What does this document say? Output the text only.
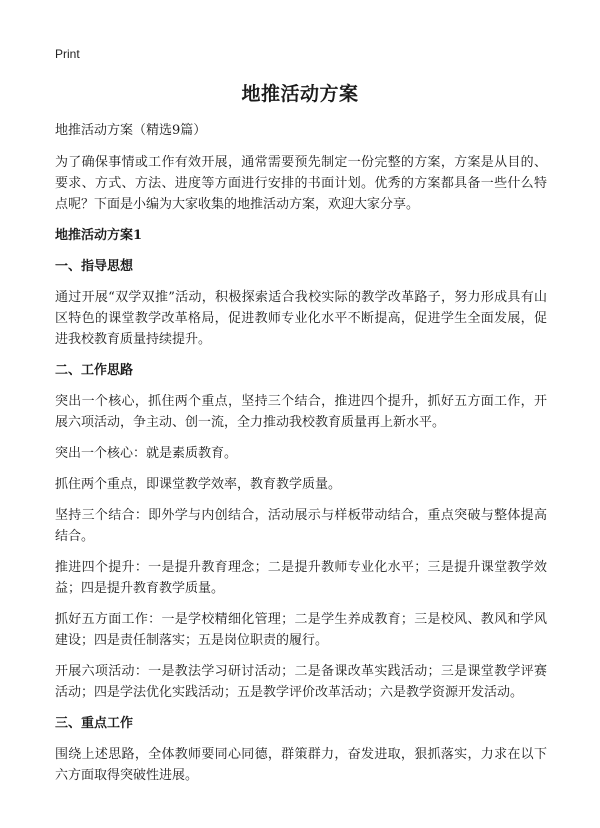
Print
地推活动方案

地推活动方案（精选9篇）

为了确保事情或工作有效开展，通常需要预先制定一份完整的方案，方案是从目的、要求、方式、方法、进度等方面进行安排的书面计划。优秀的方案都具备一些什么特点呢？下面是小编为大家收集的地推活动方案，欢迎大家分享。

地推活动方案1
一、指导思想

通过开展“双学双推”活动，积极探索适合我校实际的教学改革路子，努力形成具有山区特色的课堂教学改革格局，促进教师专业化水平不断提高，促进学生全面发展，促进我校教育质量持续提升。

二、工作思路

突出一个核心，抓住两个重点，坚持三个结合，推进四个提升，抓好五方面工作，开展六项活动，争主动、创一流，全力推动我校教育质量再上新水平。

突出一个核心：就是素质教育。

抓住两个重点，即课堂教学效率，教育教学质量。

坚持三个结合：即外学与内创结合，活动展示与样板带动结合，重点突破与整体提高结合。

推进四个提升：一是提升教育理念；二是提升教师专业化水平；三是提升课堂教学效益；四是提升教育教学质量。

抓好五方面工作：一是学校精细化管理；二是学生养成教育；三是校风、教风和学风建设；四是责任制落实；五是岗位职责的履行。

开展六项活动：一是教法学习研讨活动；二是备课改革实践活动；三是课堂教学评赛活动；四是学法优化实践活动；五是教学评价改革活动；六是教学资源开发活动。

三、重点工作

围绕上述思路，全体教师要同心同德，群策群力，奋发进取，狠抓落实，力求在以下六方面取得突破性进展。
